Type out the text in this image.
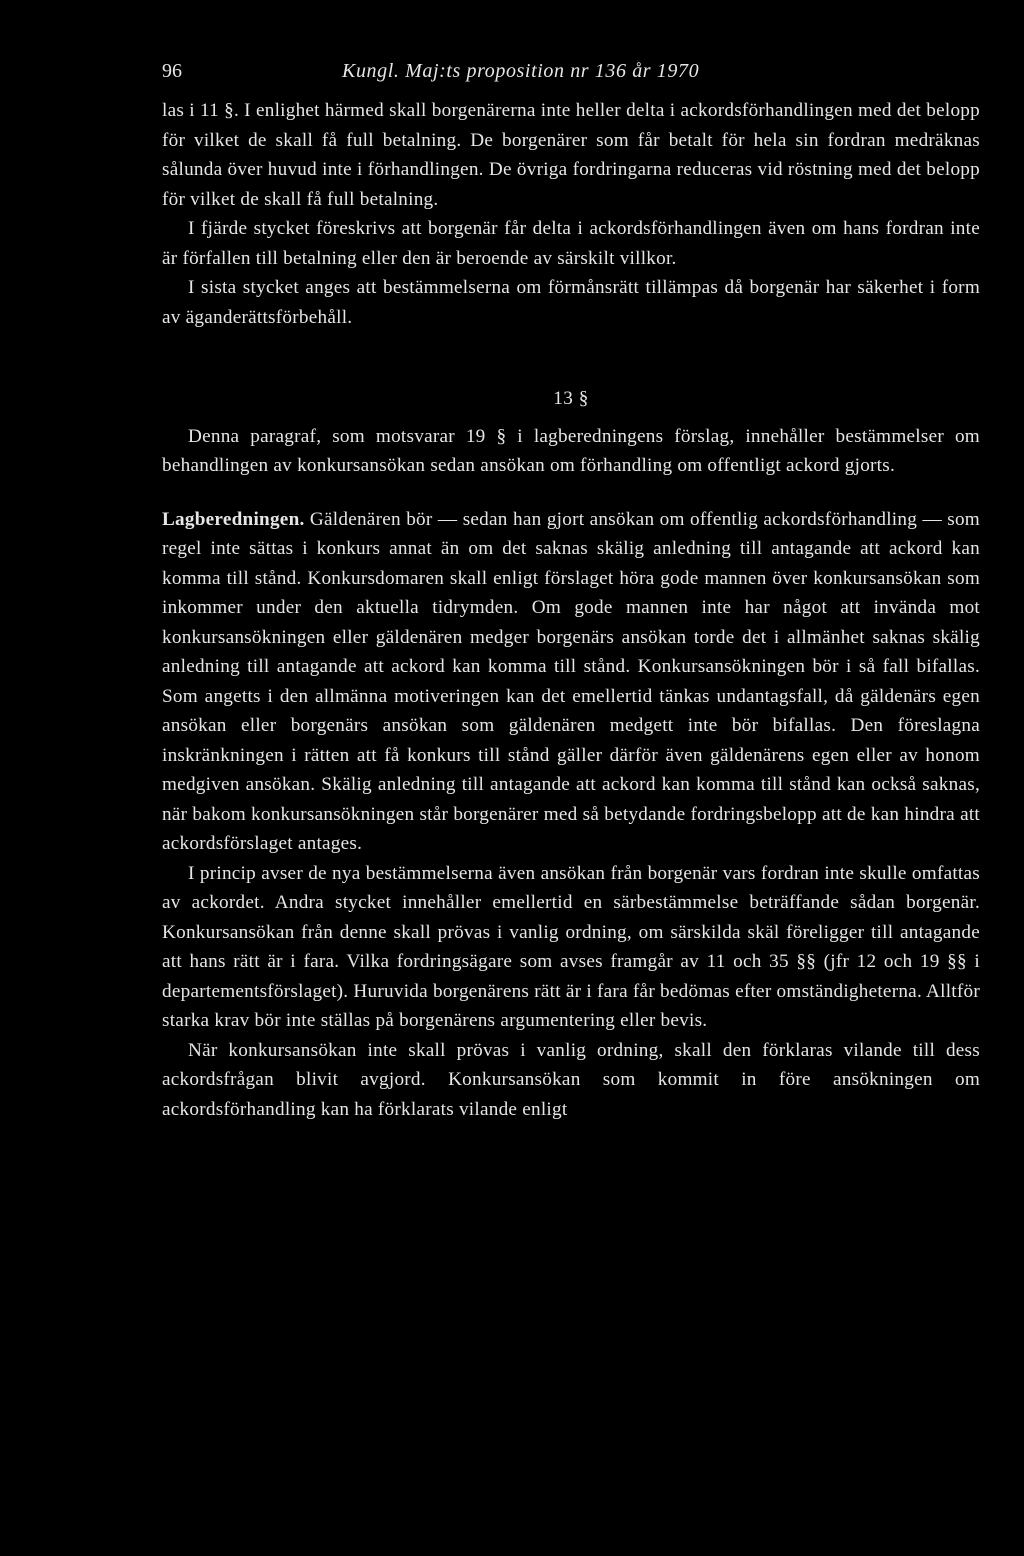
96	Kungl. Maj:ts proposition nr 136 år 1970

las i 11 §. I enlighet härmed skall borgenärerna inte heller delta i ackordsförhandlingen med det belopp för vilket de skall få full betalning. De borgenärer som får betalt för hela sin fordran medräknas sålunda över huvud inte i förhandlingen. De övriga fordringarna reduceras vid röstning med det belopp för vilket de skall få full betalning.

I fjärde stycket föreskrivs att borgenär får delta i ackordsförhandlingen även om hans fordran inte är förfallen till betalning eller den är beroende av särskilt villkor.

I sista stycket anges att bestämmelserna om förmånsrätt tillämpas då borgenär har säkerhet i form av äganderättsförbehåll.

13 §

Denna paragraf, som motsvarar 19 § i lagberedningens förslag, innehåller bestämmelser om behandlingen av konkursansökan sedan ansökan om förhandling om offentligt ackord gjorts.

Lagberedningen. Gäldenären bör — sedan han gjort ansökan om offentlig ackordsförhandling — som regel inte sättas i konkurs annat än om det saknas skälig anledning till antagande att ackord kan komma till stånd. Konkursdomaren skall enligt förslaget höra gode mannen över konkursansökan som inkommer under den aktuella tidrymden. Om gode mannen inte har något att invända mot konkursansökningen eller gäldenären medger borgenärs ansökan torde det i allmänhet saknas skälig anledning till antagande att ackord kan komma till stånd. Konkursansökningen bör i så fall bifallas. Som angetts i den allmänna motiveringen kan det emellertid tänkas undantagsfall, då gäldenärs egen ansökan eller borgenärs ansökan som gäldenären medgett inte bör bifallas. Den föreslagna inskränkningen i rätten att få konkurs till stånd gäller därför även gäldenärens egen eller av honom medgiven ansökan. Skälig anledning till antagande att ackord kan komma till stånd kan också saknas, när bakom konkursansökningen står borgenärer med så betydande fordringsbelopp att de kan hindra att ackordsförslaget antages.

I princip avser de nya bestämmelserna även ansökan från borgenär vars fordran inte skulle omfattas av ackordet. Andra stycket innehåller emellertid en särbestämmelse beträffande sådan borgenär. Konkursansökan från denne skall prövas i vanlig ordning, om särskilda skäl föreligger till antagande att hans rätt är i fara. Vilka fordringsägare som avses framgår av 11 och 35 §§ (jfr 12 och 19 §§ i departementsförslaget). Huruvida borgenärens rätt är i fara får bedömas efter omständigheterna. Alltför starka krav bör inte ställas på borgenärens argumentering eller bevis.

När konkursansökan inte skall prövas i vanlig ordning, skall den förklaras vilande till dess ackordsfrågan blivit avgjord. Konkursansökan som kommit in före ansökningen om ackordsförhandling kan ha förklarats vilande enligt
